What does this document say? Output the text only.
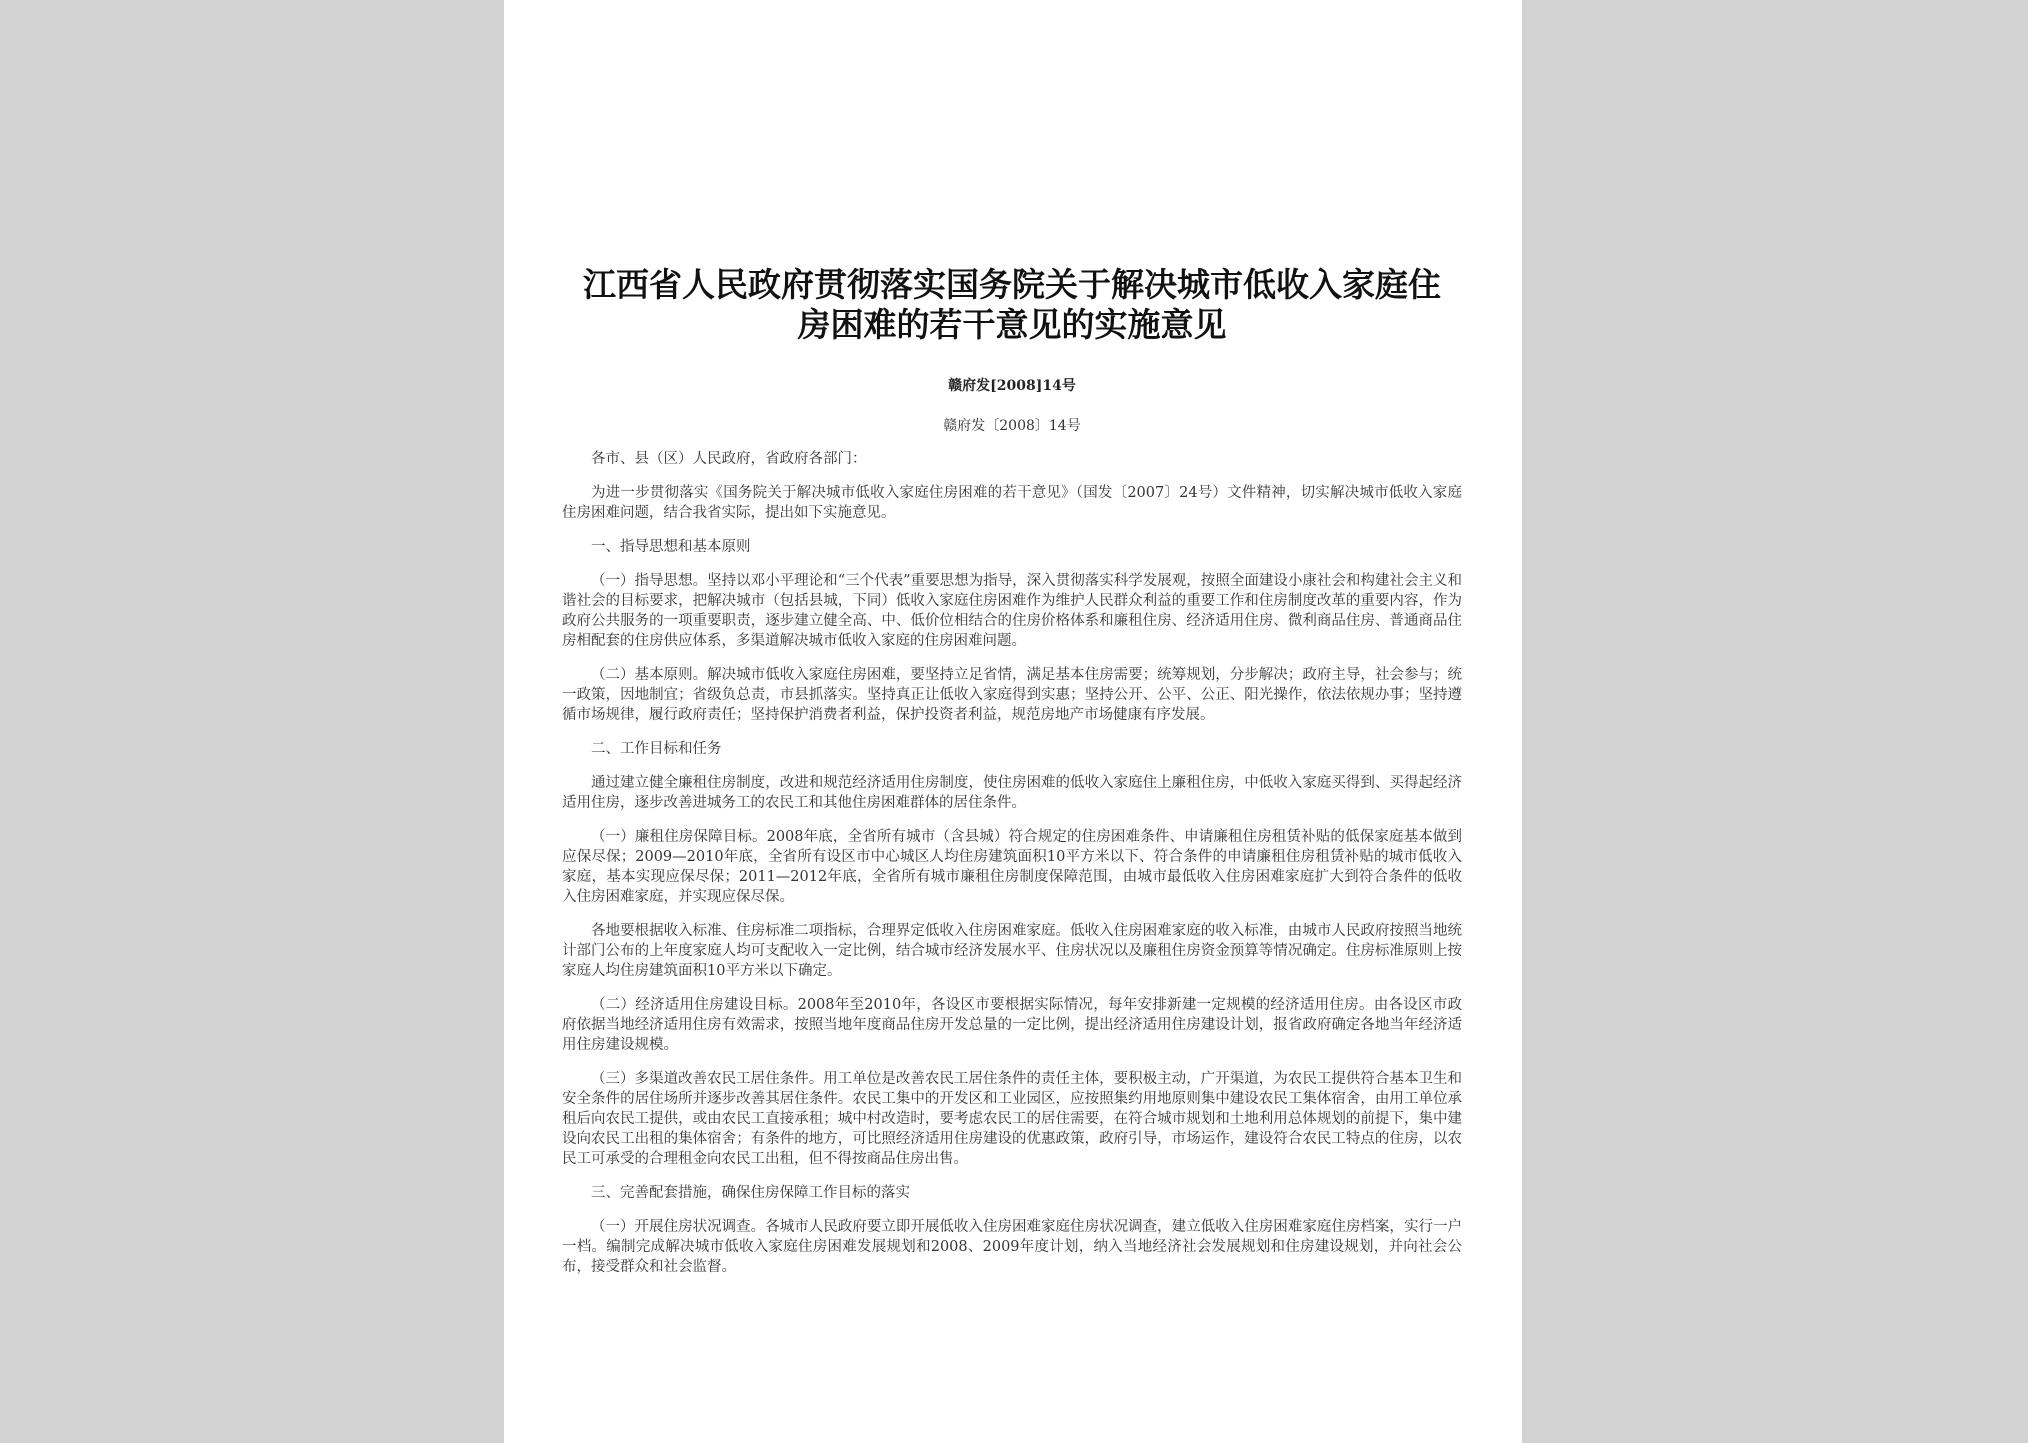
江西省人民政府贯彻落实国务院关于解决城市低收入家庭住房困难的若干意见的实施意见
赣府发[2008]14号
赣府发〔2008〕14号

各市、县（区）人民政府，省政府各部门：

为进一步贯彻落实《国务院关于解决城市低收入家庭住房困难的若干意见》（国发〔2007〕24号）文件精神，切实解决城市低收入家庭住房困难问题，结合我省实际，提出如下实施意见。

一、指导思想和基本原则

（一）指导思想。坚持以邓小平理论和“三个代表”重要思想为指导，深入贯彻落实科学发展观，按照全面建设小康社会和构建社会主义和谐社会的目标要求，把解决城市（包括县城，下同）低收入家庭住房困难作为维护人民群众利益的重要工作和住房制度改革的重要内容，作为政府公共服务的一项重要职责，逐步建立健全高、中、低价位相结合的住房价格体系和廉租住房、经济适用住房、微利商品住房、普通商品住房相配套的住房供应体系，多渠道解决城市低收入家庭的住房困难问题。

（二）基本原则。解决城市低收入家庭住房困难，要坚持立足省情，满足基本住房需要；统筹规划，分步解决；政府主导，社会参与；统一政策，因地制宜；省级负总责，市县抓落实。坚持真正让低收入家庭得到实惠；坚持公开、公平、公正、阳光操作，依法依规办事；坚持遵循市场规律，履行政府责任；坚持保护消费者利益，保护投资者利益，规范房地产市场健康有序发展。

二、工作目标和任务

通过建立健全廉租住房制度，改进和规范经济适用住房制度，使住房困难的低收入家庭住上廉租住房，中低收入家庭买得到、买得起经济适用住房，逐步改善进城务工的农民工和其他住房困难群体的居住条件。

（一）廉租住房保障目标。2008年底，全省所有城市（含县城）符合规定的住房困难条件、申请廉租住房租赁补贴的低保家庭基本做到应保尽保；2009—2010年底，全省所有设区市中心城区人均住房建筑面积10平方米以下、符合条件的申请廉租住房租赁补贴的城市低收入家庭，基本实现应保尽保；2011—2012年底，全省所有城市廉租住房制度保障范围，由城市最低收入住房困难家庭扩大到符合条件的低收入住房困难家庭，并实现应保尽保。

各地要根据收入标准、住房标准二项指标，合理界定低收入住房困难家庭。低收入住房困难家庭的收入标准，由城市人民政府按照当地统计部门公布的上年度家庭人均可支配收入一定比例，结合城市经济发展水平、住房状况以及廉租住房资金预算等情况确定。住房标准原则上按家庭人均住房建筑面积10平方米以下确定。

（二）经济适用住房建设目标。2008年至2010年，各设区市要根据实际情况，每年安排新建一定规模的经济适用住房。由各设区市政府依据当地经济适用住房有效需求，按照当地年度商品住房开发总量的一定比例，提出经济适用住房建设计划，报省政府确定各地当年经济适用住房建设规模。

（三）多渠道改善农民工居住条件。用工单位是改善农民工居住条件的责任主体，要积极主动，广开渠道，为农民工提供符合基本卫生和安全条件的居住场所并逐步改善其居住条件。农民工集中的开发区和工业园区，应按照集约用地原则集中建设农民工集体宿舍，由用工单位承租后向农民工提供，或由农民工直接承租；城中村改造时，要考虑农民工的居住需要，在符合城市规划和土地利用总体规划的前提下，集中建设向农民工出租的集体宿舍；有条件的地方，可比照经济适用住房建设的优惠政策，政府引导，市场运作，建设符合农民工特点的住房，以农民工可承受的合理租金向农民工出租，但不得按商品住房出售。

三、完善配套措施，确保住房保障工作目标的落实

（一）开展住房状况调查。各城市人民政府要立即开展低收入住房困难家庭住房状况调查，建立低收入住房困难家庭住房档案，实行一户一档。编制完成解决城市低收入家庭住房困难发展规划和2008、2009年度计划，纳入当地经济社会发展规划和住房建设规划，并向社会公布，接受群众和社会监督。
